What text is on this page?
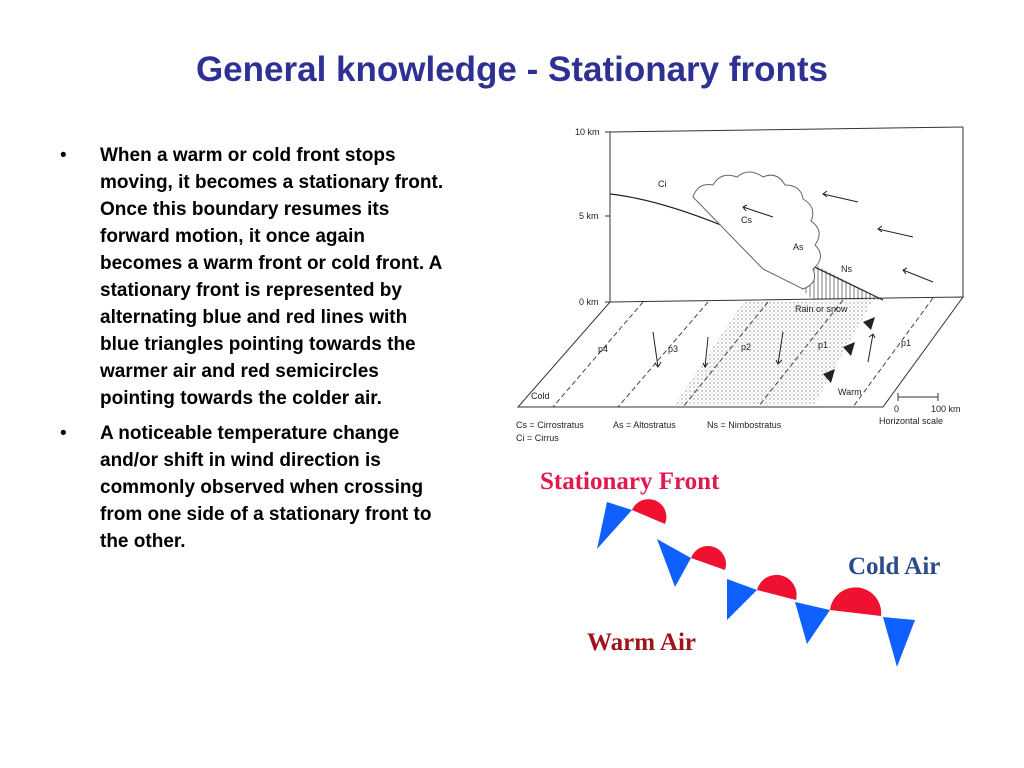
General knowledge - Stationary fronts
• When a warm or cold front stops moving, it becomes a stationary front. Once this boundary resumes its forward motion, it once again becomes a warm front or cold front. A stationary front is represented by alternating blue and red lines with blue triangles pointing towards the warmer air and red semicircles pointing towards the colder air.
• A noticeable temperature change and/or shift in wind direction is commonly observed when crossing from one side of a stationary front to the other.
10 km
5 km
0 km
p4	p3	p2	p1	p1
Cold	Warm
Rain or snow
Ci
Cs
As
Ns
0	100 km
Horizontal scale
Cs = Cirrostratus	As = Altostratus	Ns = Nimbostratus
Ci = Cirrus
Stationary Front
Cold Air
Warm Air
